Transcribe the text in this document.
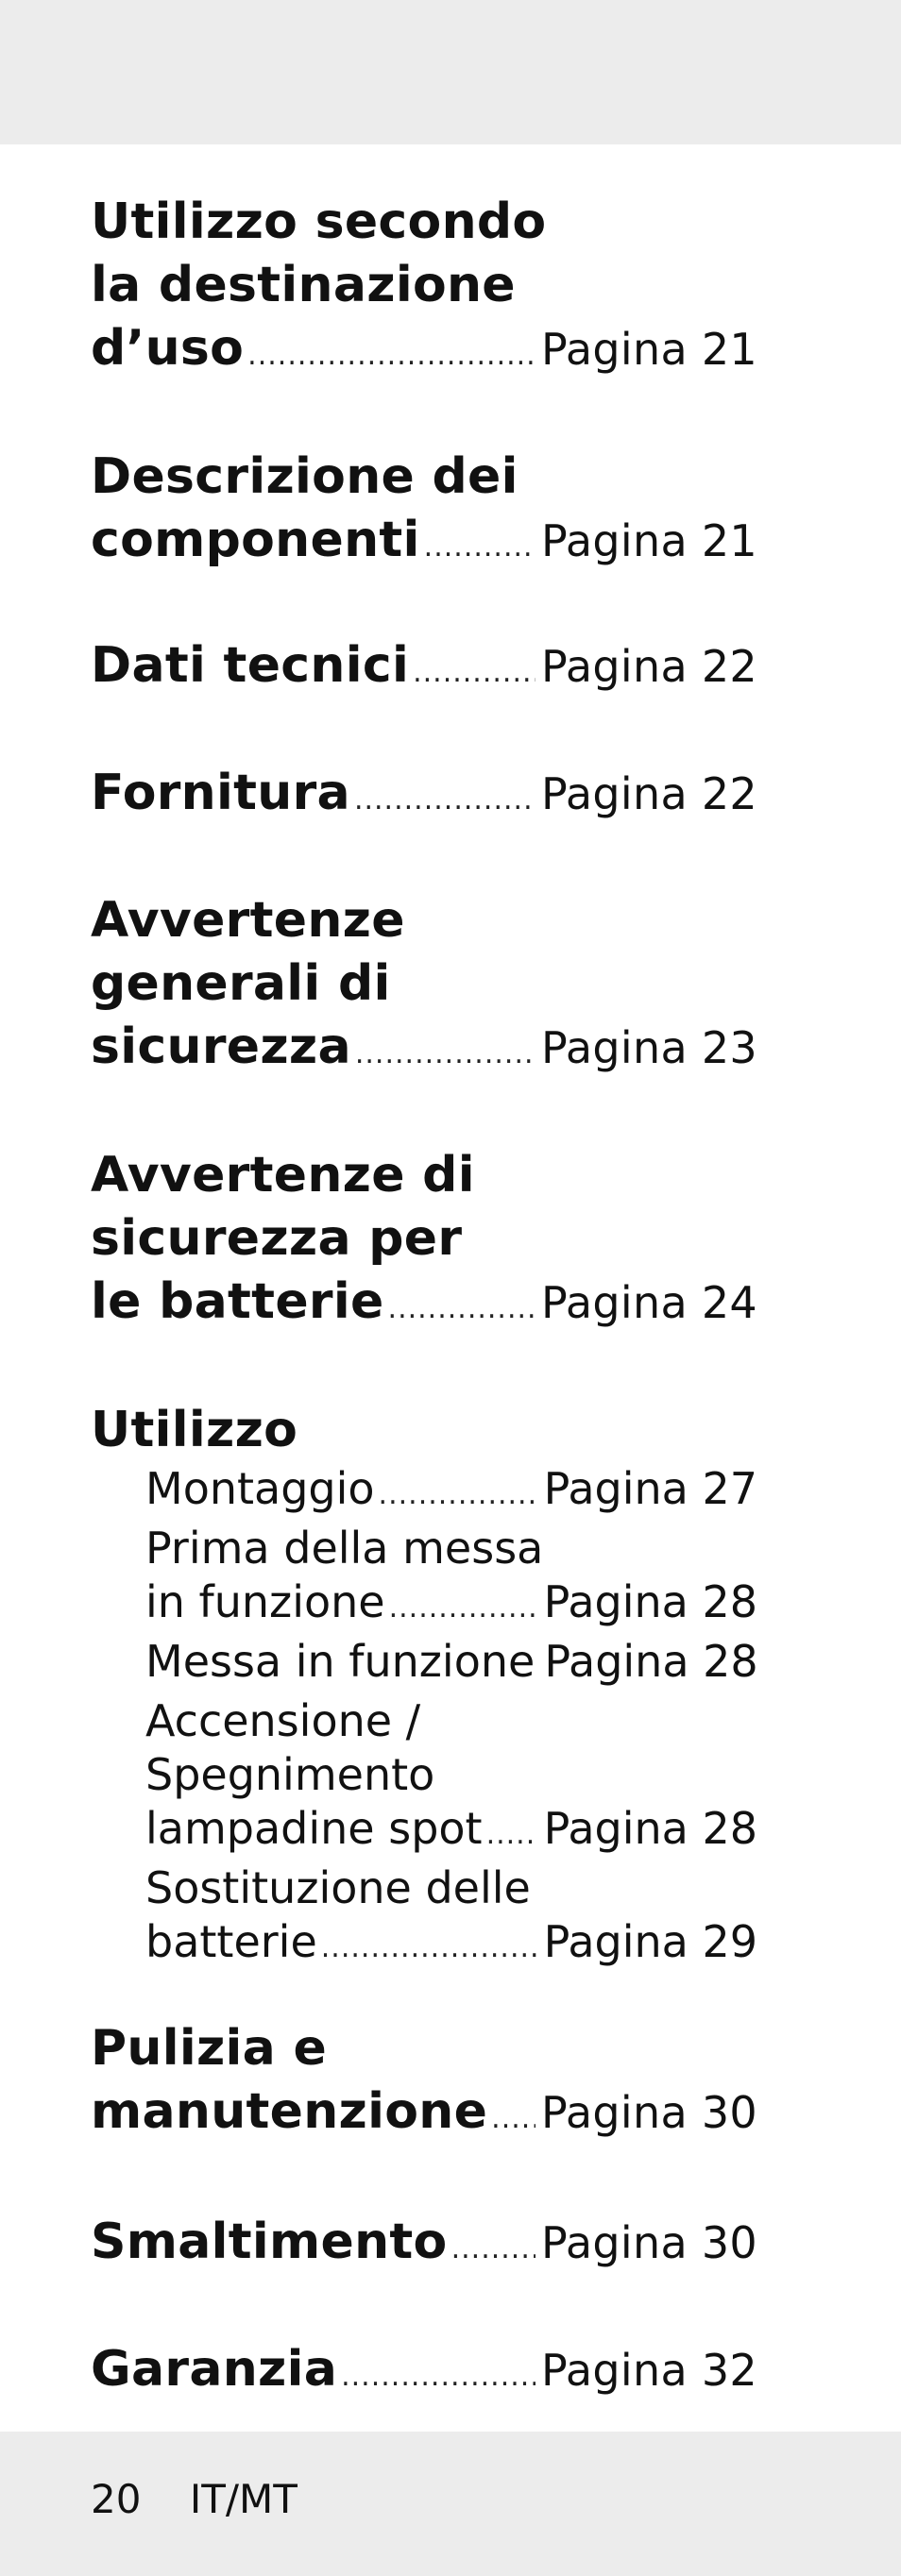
Utilizzo secondo
la destinazione
d’uso .....	Pagina 21
Descrizione dei
componenti .....	Pagina 21
Dati tecnici .....	Pagina 22
Fornitura .....	Pagina 22
Avvertenze
generali di
sicurezza .....	Pagina 23
Avvertenze di
sicurezza per
le batterie .....	Pagina 24
Utilizzo
Montaggio .....	Pagina 27
Prima della messa
in funzione .....	Pagina 28
Messa in funzione Pagina 28
Accensione /
Spegnimento
lampadine spot ..... Pagina 28
Sostituzione delle
batterie .....	Pagina 29
Pulizia e
manutenzione ..... Pagina 30
Smaltimento ..... Pagina 30
Garanzia .....	Pagina 32
20 IT/MT
